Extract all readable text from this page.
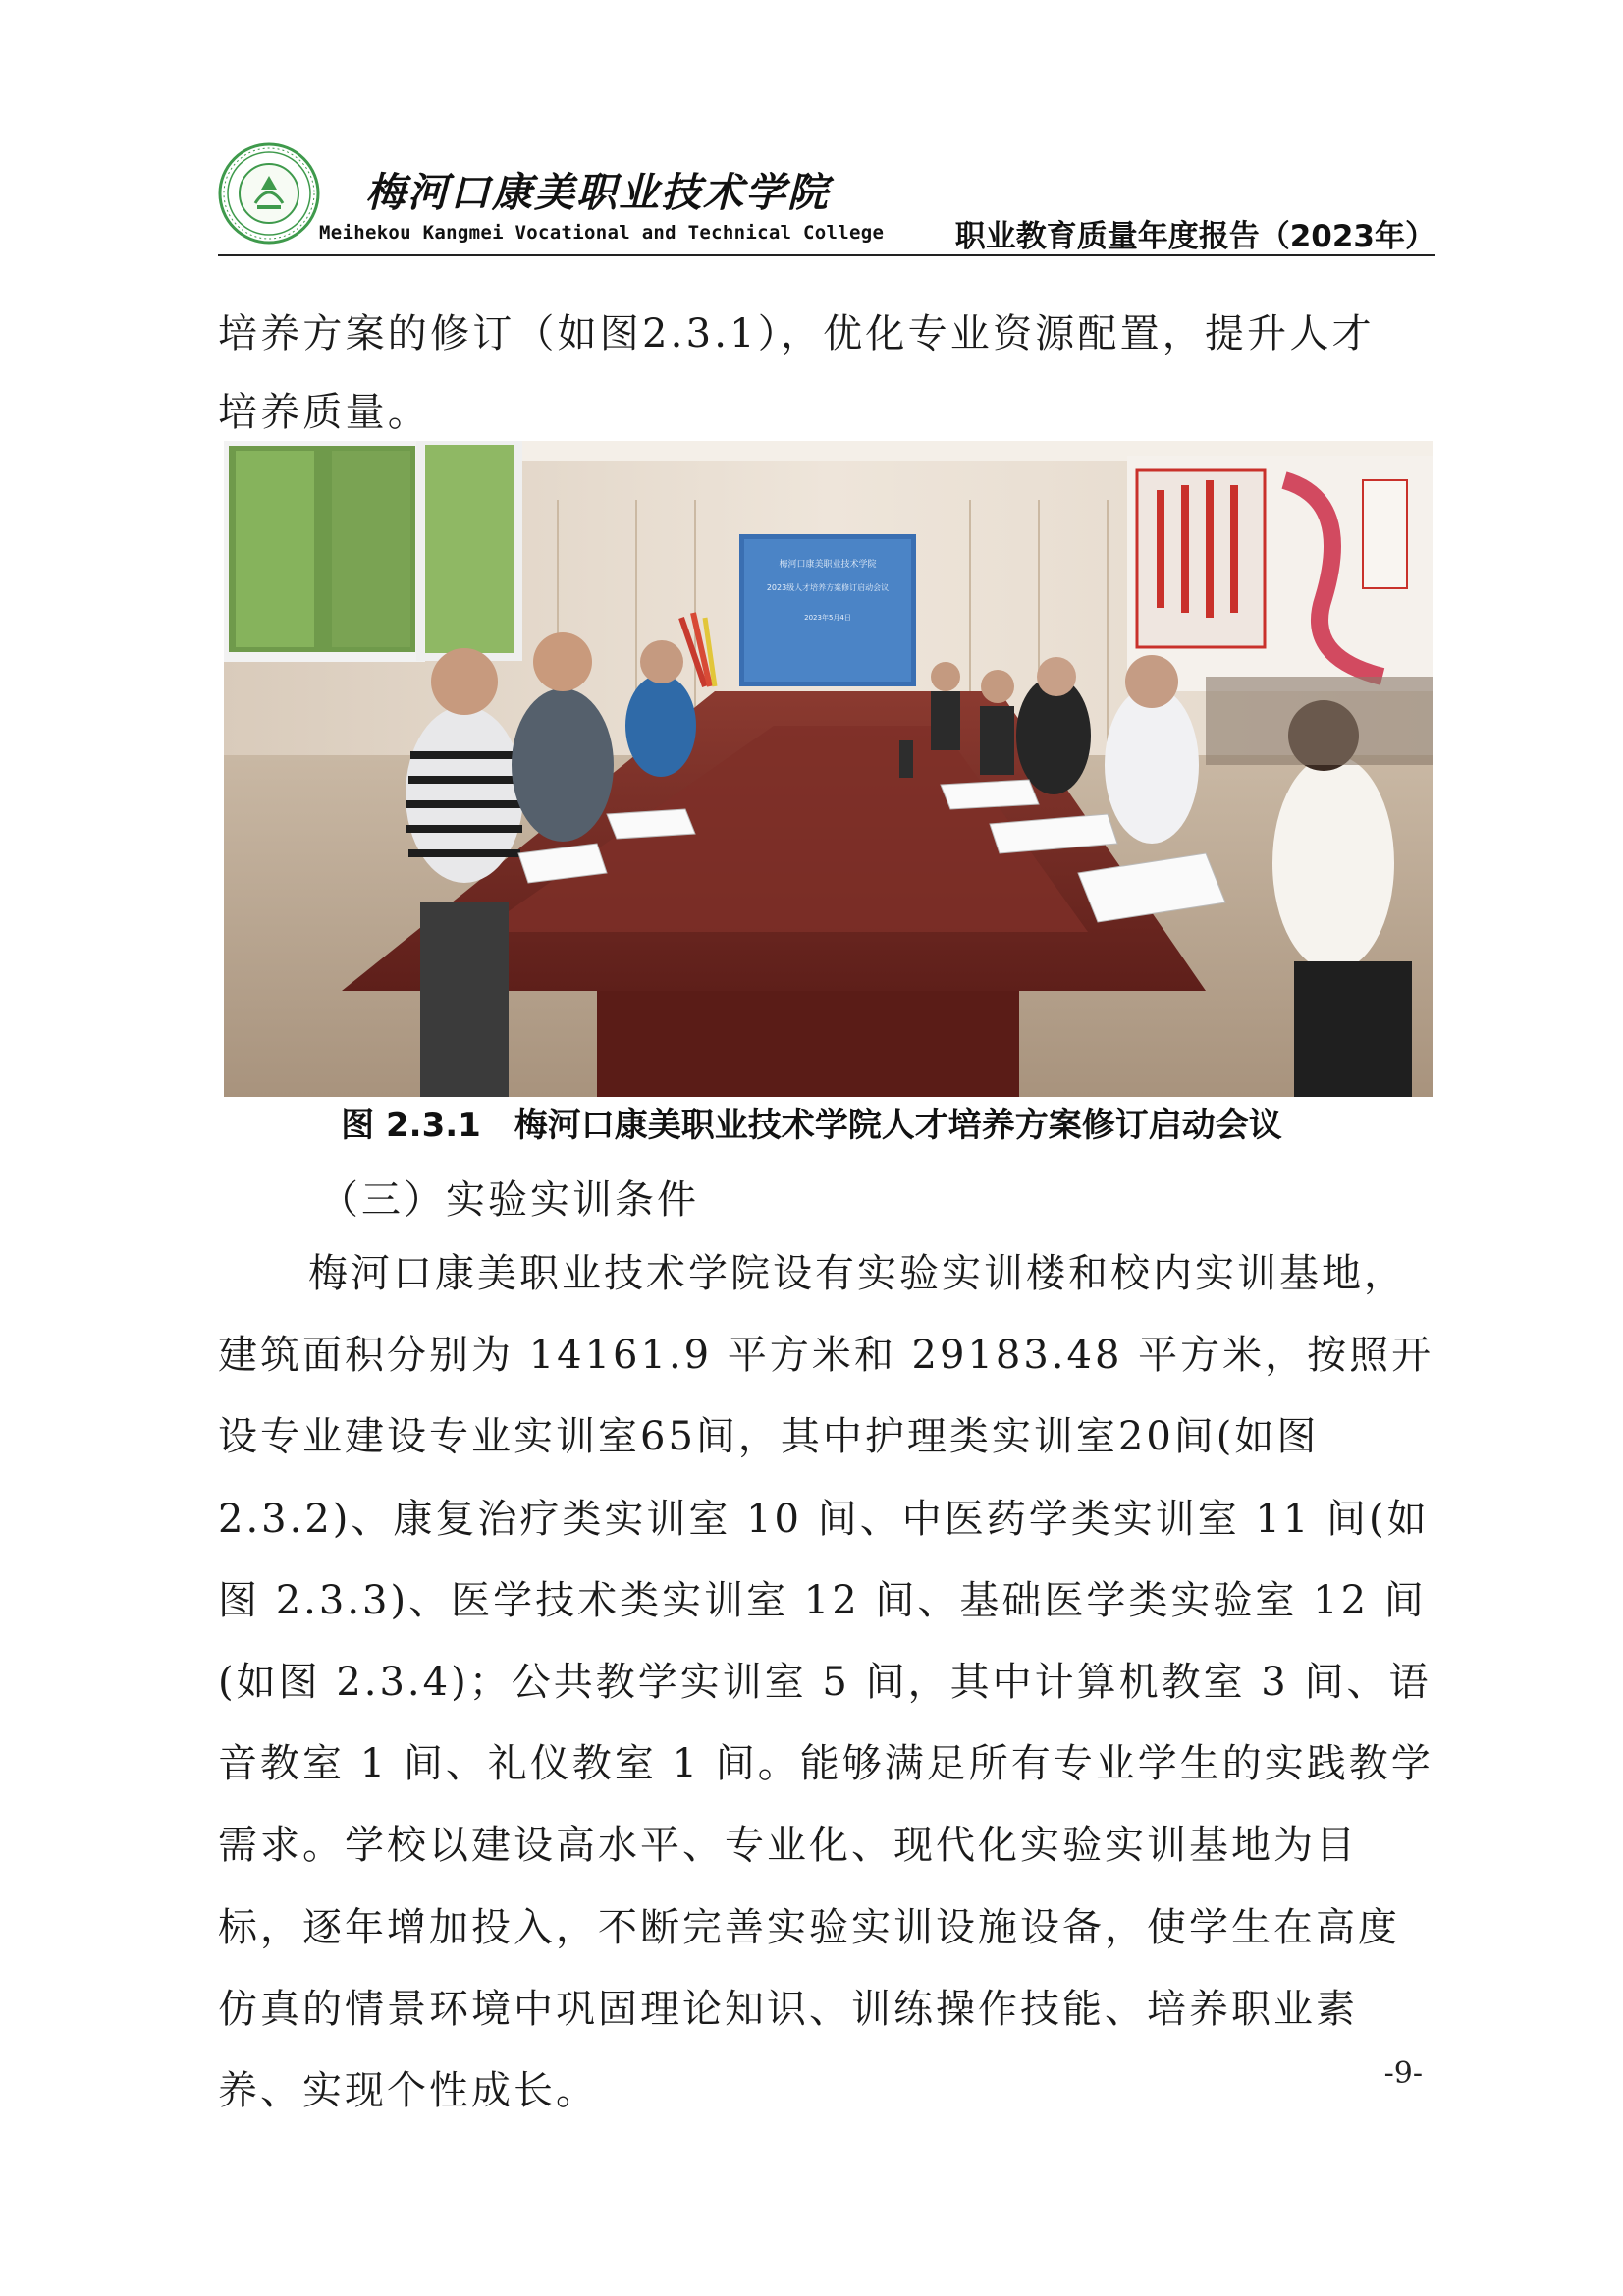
梅河口康美职业技术学院
Meihekou Kangmei Vocational and Technical College 职业教育质量年度报告（2023年）

培养方案的修订（如图2.3.1），优化专业资源配置，提升人才

培养质量。

梅河口康美职业技术学院
2023级人才培养方案修订启动会议
2023年5月4日
图 2.3.1　梅河口康美职业技术学院人才培养方案修订启动会议
（三）实验实训条件

梅河口康美职业技术学院设有实验实训楼和校内实训基地，建筑面积分别为 14161.9 平方米和 29183.48 平方米，按照开设专业建设专业实训室65间，其中护理类实训室20间(如图2.3.2)、康复治疗类实训室 10 间、中医药学类实训室 11 间(如图 2.3.3)、医学技术类实训室 12 间、基础医学类实验室 12 间(如图 2.3.4)；公共教学实训室 5 间，其中计算机教室 3 间、语音教室 1 间、礼仪教室 1 间。能够满足所有专业学生的实践教学需求。学校以建设高水平、专业化、现代化实验实训基地为目标，逐年增加投入，不断完善实验实训设施设备，使学生在高度仿真的情景环境中巩固理论知识、训练操作技能、培养职业素养、实现个性成长。	-9-
